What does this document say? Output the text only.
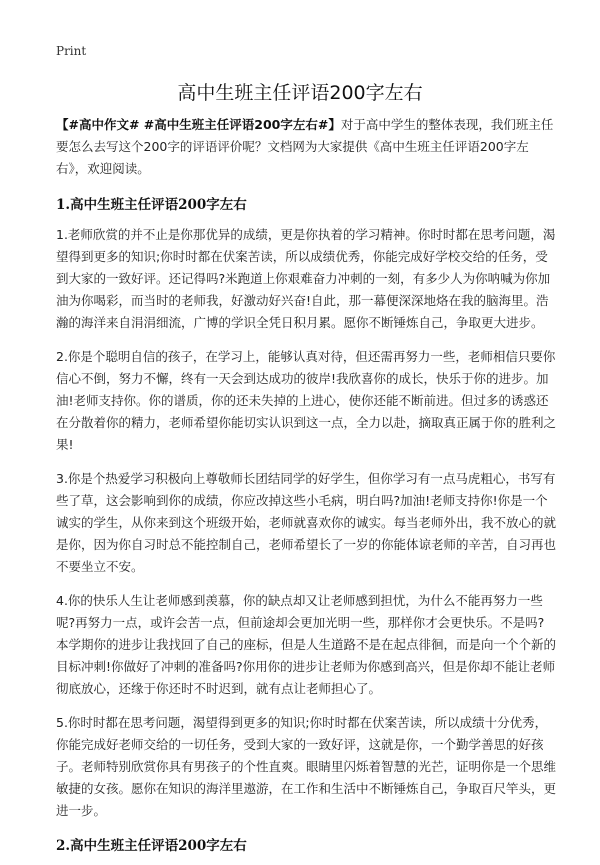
Print
高中生班主任评语200字左右

【#高中作文# #高中生班主任评语200字左右#】对于高中学生的整体表现，我们班主任要怎么去写这个200字的评语评价呢？文档网为大家提供《高中生班主任评语200字左右》，欢迎阅读。

1.高中生班主任评语200字左右

1.老师欣赏的并不止是你那优异的成绩，更是你执着的学习精神。你时时都在思考问题，渴望得到更多的知识;你时时都在伏案苦读，所以成绩优秀，你能完成好学校交给的任务，受到大家的一致好评。还记得吗?米跑道上你艰难奋力冲刺的一刻，有多少人为你呐喊为你加油为你喝彩，而当时的老师我，好激动好兴奋!自此，那一幕便深深地烙在我的脑海里。浩瀚的海洋来自涓涓细流，广博的学识全凭日积月累。愿你不断锤炼自己，争取更大进步。

2.你是个聪明自信的孩子，在学习上，能够认真对待，但还需再努力一些，老师相信只要你信心不倒，努力不懈，终有一天会到达成功的彼岸!我欣喜你的成长，快乐于你的进步。加油!老师支持你。你的谱质，你的还未失掉的上进心，使你还能不断前进。但过多的诱惑还在分散着你的精力，老师希望你能切实认识到这一点，全力以赴，摘取真正属于你的胜利之果!

3.你是个热爱学习积极向上尊敬师长团结同学的好学生，但你学习有一点马虎粗心，书写有些了草，这会影响到你的成绩，你应改掉这些小毛病，明白吗?加油!老师支持你!你是一个诚实的学生，从你来到这个班级开始，老师就喜欢你的诚实。每当老师外出，我不放心的就是你，因为你自习时总不能控制自己，老师希望长了一岁的你能体谅老师的辛苦，自习再也不要坐立不安。

4.你的快乐人生让老师感到羡慕，你的缺点却又让老师感到担忧，为什么不能再努力一些呢?再努力一点，或许会苦一点，但前途却会更加光明一些，那样你才会更快乐。不是吗?本学期你的进步让我找回了自己的座标，但是人生道路不是在起点徘徊，而是向一个个新的目标冲刺!你做好了冲刺的准备吗?你用你的进步让老师为你感到高兴，但是你却不能让老师彻底放心，还缘于你还时不时迟到，就有点让老师担心了。

5.你时时都在思考问题，渴望得到更多的知识;你时时都在伏案苦读，所以成绩十分优秀，你能完成好老师交给的一切任务，受到大家的一致好评，这就是你，一个勤学善思的好孩子。老师特别欣赏你具有男孩子的个性直爽。眼睛里闪烁着智慧的光芒，证明你是一个思维敏捷的女孩。愿你在知识的海洋里遨游，在工作和生活中不断锤炼自己，争取百尺竿头，更进一步。

2.高中生班主任评语200字左右
